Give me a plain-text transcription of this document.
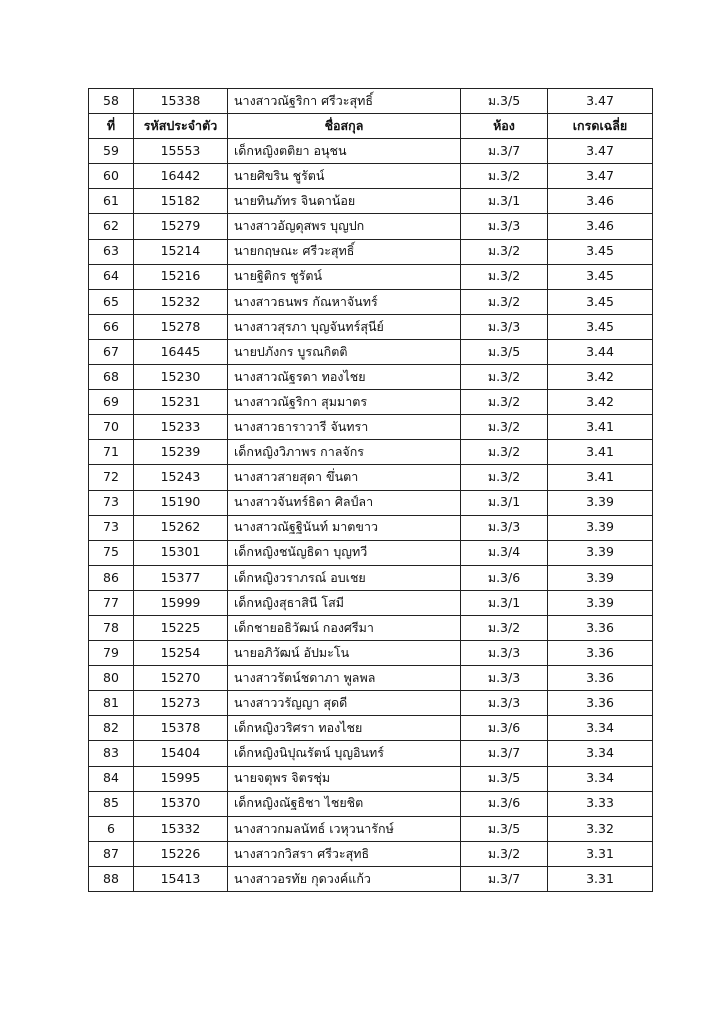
58	15338	นางสาวณัฐริกา ศรีวะสุทธิ์	ม.3/5	3.47
ที่	รหัสประจำตัว	ชื่อสกุล	ห้อง	เกรดเฉลี่ย
59	15553	เด็กหญิงตติยา อนุชน	ม.3/7	3.47
60	16442	นายศิขริน ชูรัตน์	ม.3/2	3.47
61	15182	นายทินภัทร จินดาน้อย	ม.3/1	3.46
62	15279	นางสาวอัญดุสพร บุญปก	ม.3/3	3.46
63	15214	นายกฤษณะ ศรีวะสุทธิ์	ม.3/2	3.45
64	15216	นายฐิติกร ชูรัตน์	ม.3/2	3.45
65	15232	นางสาวธนพร กัณหาจันทร์	ม.3/2	3.45
66	15278	นางสาวสุรภา บุญจันทร์สุนีย์	ม.3/3	3.45
67	16445	นายปภังกร บูรณกิตติ	ม.3/5	3.44
68	15230	นางสาวณัฐรดา ทองไชย	ม.3/2	3.42
69	15231	นางสาวณัฐริกา สุมมาตร	ม.3/2	3.42
70	15233	นางสาวธาราวารี จันทรา	ม.3/2	3.41
71	15239	เด็กหญิงวิภาพร กาลจักร	ม.3/2	3.41
72	15243	นางสาวสายสุดา ขึ่นตา	ม.3/2	3.41
73	15190	นางสาวจันทร์ธิดา ศิลป์ลา	ม.3/1	3.39
73	15262	นางสาวณัฐฐินันท์ มาตขาว	ม.3/3	3.39
75	15301	เด็กหญิงชนัญธิดา บุญทวี	ม.3/4	3.39
86	15377	เด็กหญิงวราภรณ์ อบเชย	ม.3/6	3.39
77	15999	เด็กหญิงสุธาสินี โสมี	ม.3/1	3.39
78	15225	เด็กชายอธิวัฒน์ กองศรีมา	ม.3/2	3.36
79	15254	นายอภิวัฒน์ อัปมะโน	ม.3/3	3.36
80	15270	นางสาวรัตน์ชดาภา พูลพล	ม.3/3	3.36
81	15273	นางสาววรัญญา สุดดี	ม.3/3	3.36
82	15378	เด็กหญิงวริศรา ทองไชย	ม.3/6	3.34
83	15404	เด็กหญิงนิปุณรัตน์ บุญอินทร์	ม.3/7	3.34
84	15995	นายจตุพร จิตรชุ่ม	ม.3/5	3.34
85	15370	เด็กหญิงณัฐธิชา ไชยชิต	ม.3/6	3.33
6	15332	นางสาวกมลนัทธ์ เวหุวนารักษ์	ม.3/5	3.32
87	15226	นางสาวกวิสรา ศรีวะสุทธิ	ม.3/2	3.31
88	15413	นางสาวอรทัย กุดวงค์แก้ว	ม.3/7	3.31
